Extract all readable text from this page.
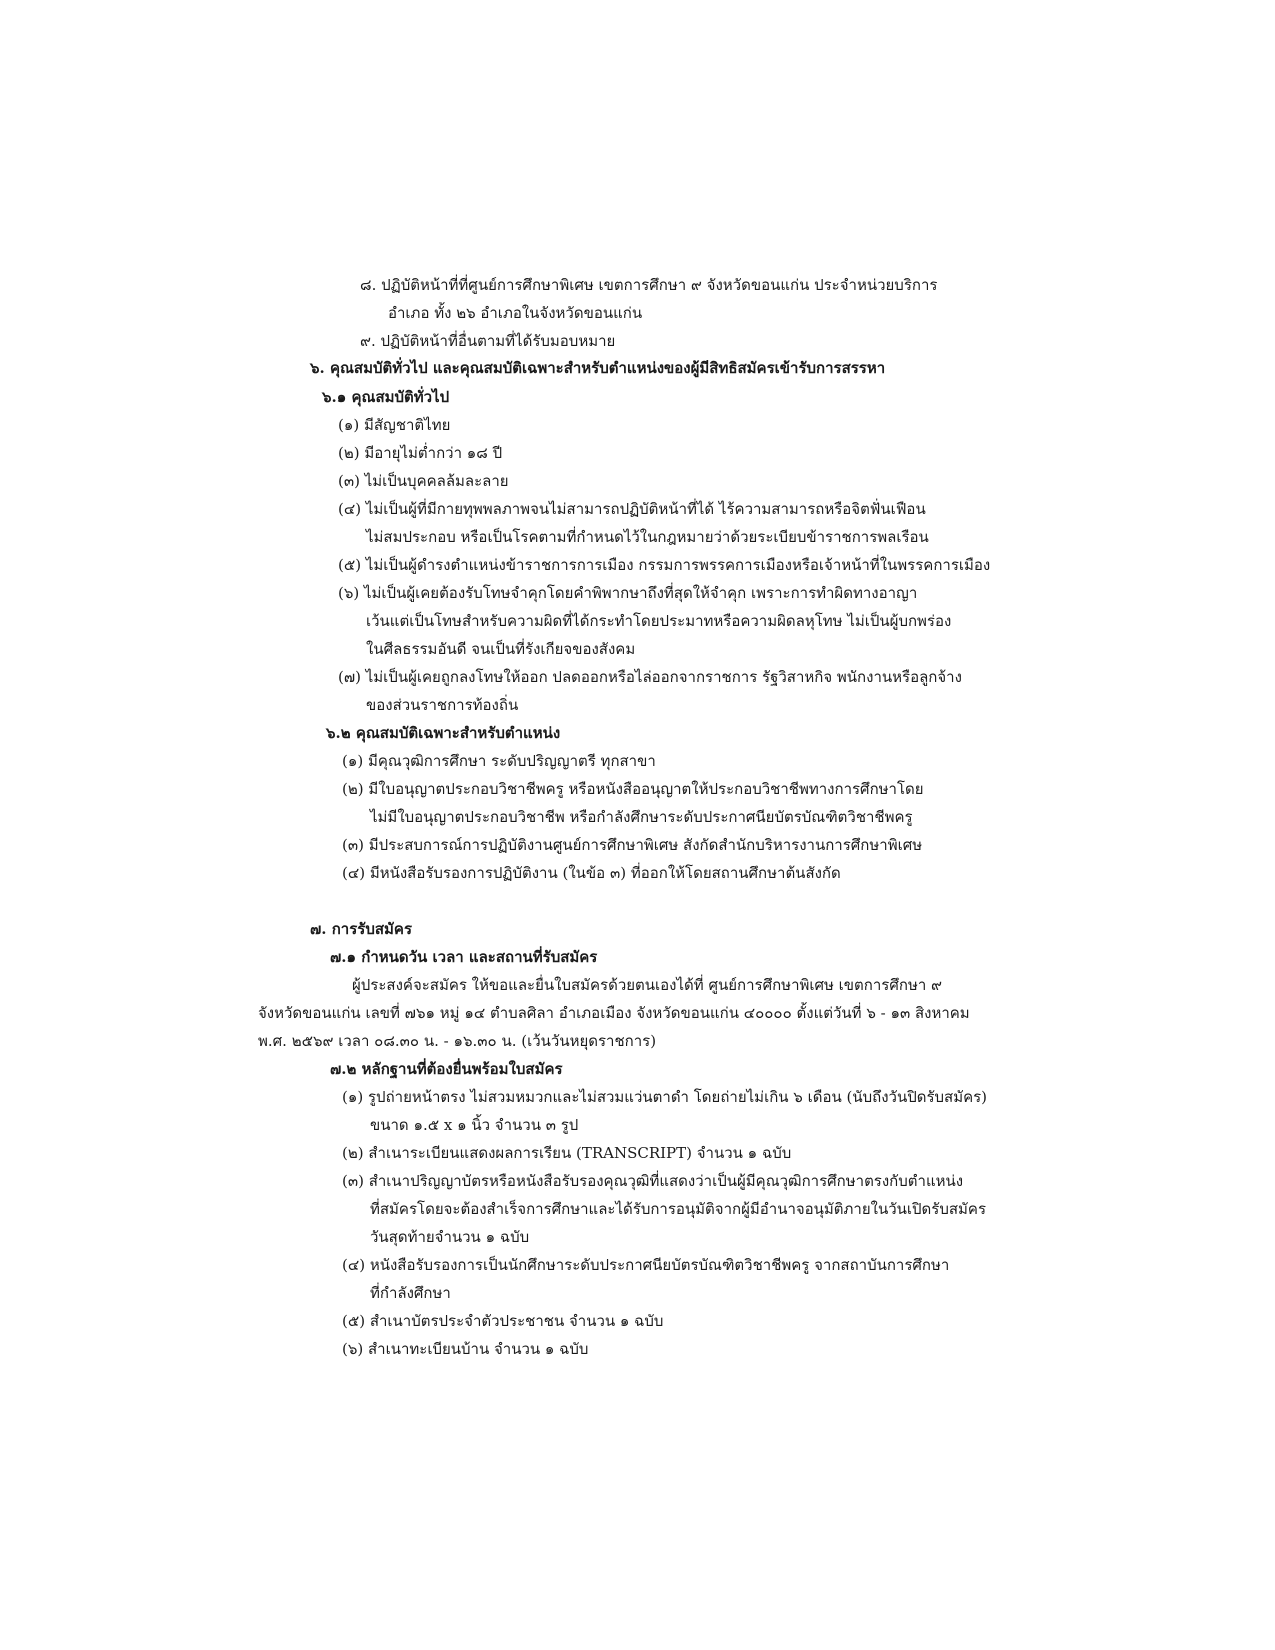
๘. ปฏิบัติหน้าที่ที่ศูนย์การศึกษาพิเศษ เขตการศึกษา ๙ จังหวัดขอนแก่น ประจำหน่วยบริการ
อำเภอ ทั้ง ๒๖ อำเภอในจังหวัดขอนแก่น
๙. ปฏิบัติหน้าที่อื่นตามที่ได้รับมอบหมาย
๖. คุณสมบัติทั่วไป และคุณสมบัติเฉพาะสำหรับตำแหน่งของผู้มีสิทธิสมัครเข้ารับการสรรหา
๖.๑ คุณสมบัติทั่วไป
(๑) มีสัญชาติไทย
(๒) มีอายุไม่ต่ำกว่า ๑๘ ปี
(๓) ไม่เป็นบุคคลล้มละลาย
(๔) ไม่เป็นผู้ที่มีกายทุพพลภาพจนไม่สามารถปฏิบัติหน้าที่ได้ ไร้ความสามารถหรือจิตฟั่นเฟือน
ไม่สมประกอบ หรือเป็นโรคตามที่กำหนดไว้ในกฎหมายว่าด้วยระเบียบข้าราชการพลเรือน
(๕) ไม่เป็นผู้ดำรงตำแหน่งข้าราชการการเมือง กรรมการพรรคการเมืองหรือเจ้าหน้าที่ในพรรคการเมือง
(๖) ไม่เป็นผู้เคยต้องรับโทษจำคุกโดยคำพิพากษาถึงที่สุดให้จำคุก เพราะการทำผิดทางอาญา
เว้นแต่เป็นโทษสำหรับความผิดที่ได้กระทำโดยประมาทหรือความผิดลหุโทษ ไม่เป็นผู้บกพร่อง
ในศีลธรรมอันดี จนเป็นที่รังเกียจของสังคม
(๗) ไม่เป็นผู้เคยถูกลงโทษให้ออก ปลดออกหรือไล่ออกจากราชการ รัฐวิสาหกิจ พนักงานหรือลูกจ้าง
ของส่วนราชการท้องถิ่น
๖.๒ คุณสมบัติเฉพาะสำหรับตำแหน่ง
(๑) มีคุณวุฒิการศึกษา ระดับปริญญาตรี ทุกสาขา
(๒) มีใบอนุญาตประกอบวิชาชีพครู หรือหนังสืออนุญาตให้ประกอบวิชาชีพทางการศึกษาโดย
ไม่มีใบอนุญาตประกอบวิชาชีพ หรือกำลังศึกษาระดับประกาศนียบัตรบัณฑิตวิชาชีพครู
(๓) มีประสบการณ์การปฏิบัติงานศูนย์การศึกษาพิเศษ สังกัดสำนักบริหารงานการศึกษาพิเศษ
(๔) มีหนังสือรับรองการปฏิบัติงาน (ในข้อ ๓) ที่ออกให้โดยสถานศึกษาต้นสังกัด
๗. การรับสมัคร
๗.๑ กำหนดวัน เวลา และสถานที่รับสมัคร
ผู้ประสงค์จะสมัคร ให้ขอและยื่นใบสมัครด้วยตนเองได้ที่ ศูนย์การศึกษาพิเศษ เขตการศึกษา ๙
จังหวัดขอนแก่น เลขที่ ๗๖๑ หมู่ ๑๔ ตำบลศิลา อำเภอเมือง จังหวัดขอนแก่น ๔๐๐๐๐ ตั้งแต่วันที่ ๖ - ๑๓ สิงหาคม
พ.ศ. ๒๕๖๙ เวลา ๐๘.๓๐ น. - ๑๖.๓๐ น. (เว้นวันหยุดราชการ)
๗.๒ หลักฐานที่ต้องยื่นพร้อมใบสมัคร
(๑) รูปถ่ายหน้าตรง ไม่สวมหมวกและไม่สวมแว่นตาดำ โดยถ่ายไม่เกิน ๖ เดือน (นับถึงวันปิดรับสมัคร)
ขนาด ๑.๕ x ๑ นิ้ว จำนวน ๓ รูป
(๒) สำเนาระเบียนแสดงผลการเรียน (TRANSCRIPT) จำนวน ๑ ฉบับ
(๓) สำเนาปริญญาบัตรหรือหนังสือรับรองคุณวุฒิที่แสดงว่าเป็นผู้มีคุณวุฒิการศึกษาตรงกับตำแหน่ง
ที่สมัครโดยจะต้องสำเร็จการศึกษาและได้รับการอนุมัติจากผู้มีอำนาจอนุมัติภายในวันเปิดรับสมัคร
วันสุดท้ายจำนวน ๑ ฉบับ
(๔) หนังสือรับรองการเป็นนักศึกษาระดับประกาศนียบัตรบัณฑิตวิชาชีพครู จากสถาบันการศึกษา
ที่กำลังศึกษา
(๕) สำเนาบัตรประจำตัวประชาชน จำนวน ๑ ฉบับ
(๖) สำเนาทะเบียนบ้าน จำนวน ๑ ฉบับ
